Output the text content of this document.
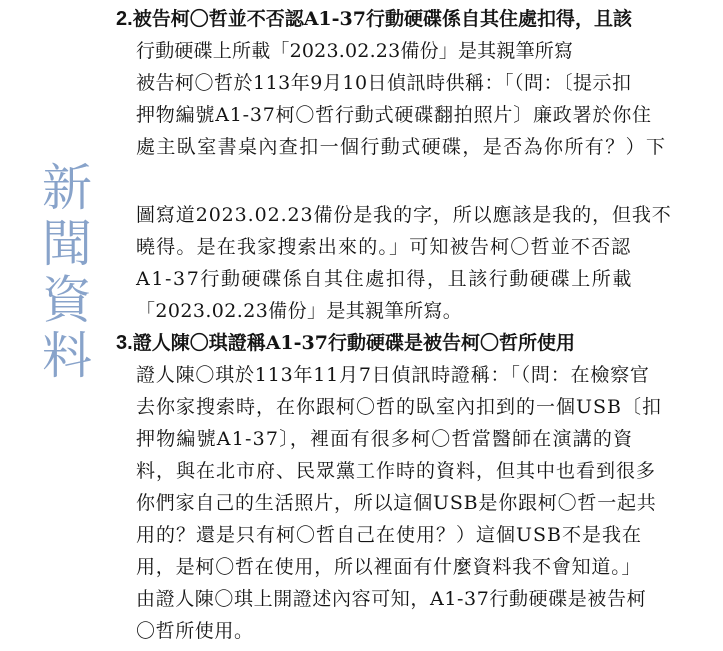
新
聞
資
料
2.被告柯〇哲並不否認A1-37行動硬碟係自其住處扣得，且該
行動硬碟上所載「2023.02.23備份」是其親筆所寫
被告柯〇哲於113年9月10日偵訊時供稱：「（問：〔提示扣
押物編號A1-37柯〇哲行動式硬碟翻拍照片〕廉政署於你住
處主臥室書桌內查扣一個行動式硬碟，是否為你所有？）下
圖寫道2023.02.23備份是我的字，所以應該是我的，但我不
曉得。是在我家搜索出來的。」可知被告柯〇哲並不否認
A1-37行動硬碟係自其住處扣得，且該行動硬碟上所載
「2023.02.23備份」是其親筆所寫。
3.證人陳〇琪證稱A1-37行動硬碟是被告柯〇哲所使用
證人陳〇琪於113年11月7日偵訊時證稱：「（問：在檢察官
去你家搜索時，在你跟柯〇哲的臥室內扣到的一個USB〔扣
押物編號A1-37〕，裡面有很多柯〇哲當醫師在演講的資
料，與在北市府、民眾黨工作時的資料，但其中也看到很多
你們家自己的生活照片，所以這個USB是你跟柯〇哲一起共
用的？還是只有柯〇哲自己在使用？）這個USB不是我在
用，是柯〇哲在使用，所以裡面有什麼資料我不會知道。」
由證人陳〇琪上開證述內容可知，A1-37行動硬碟是被告柯
〇哲所使用。
